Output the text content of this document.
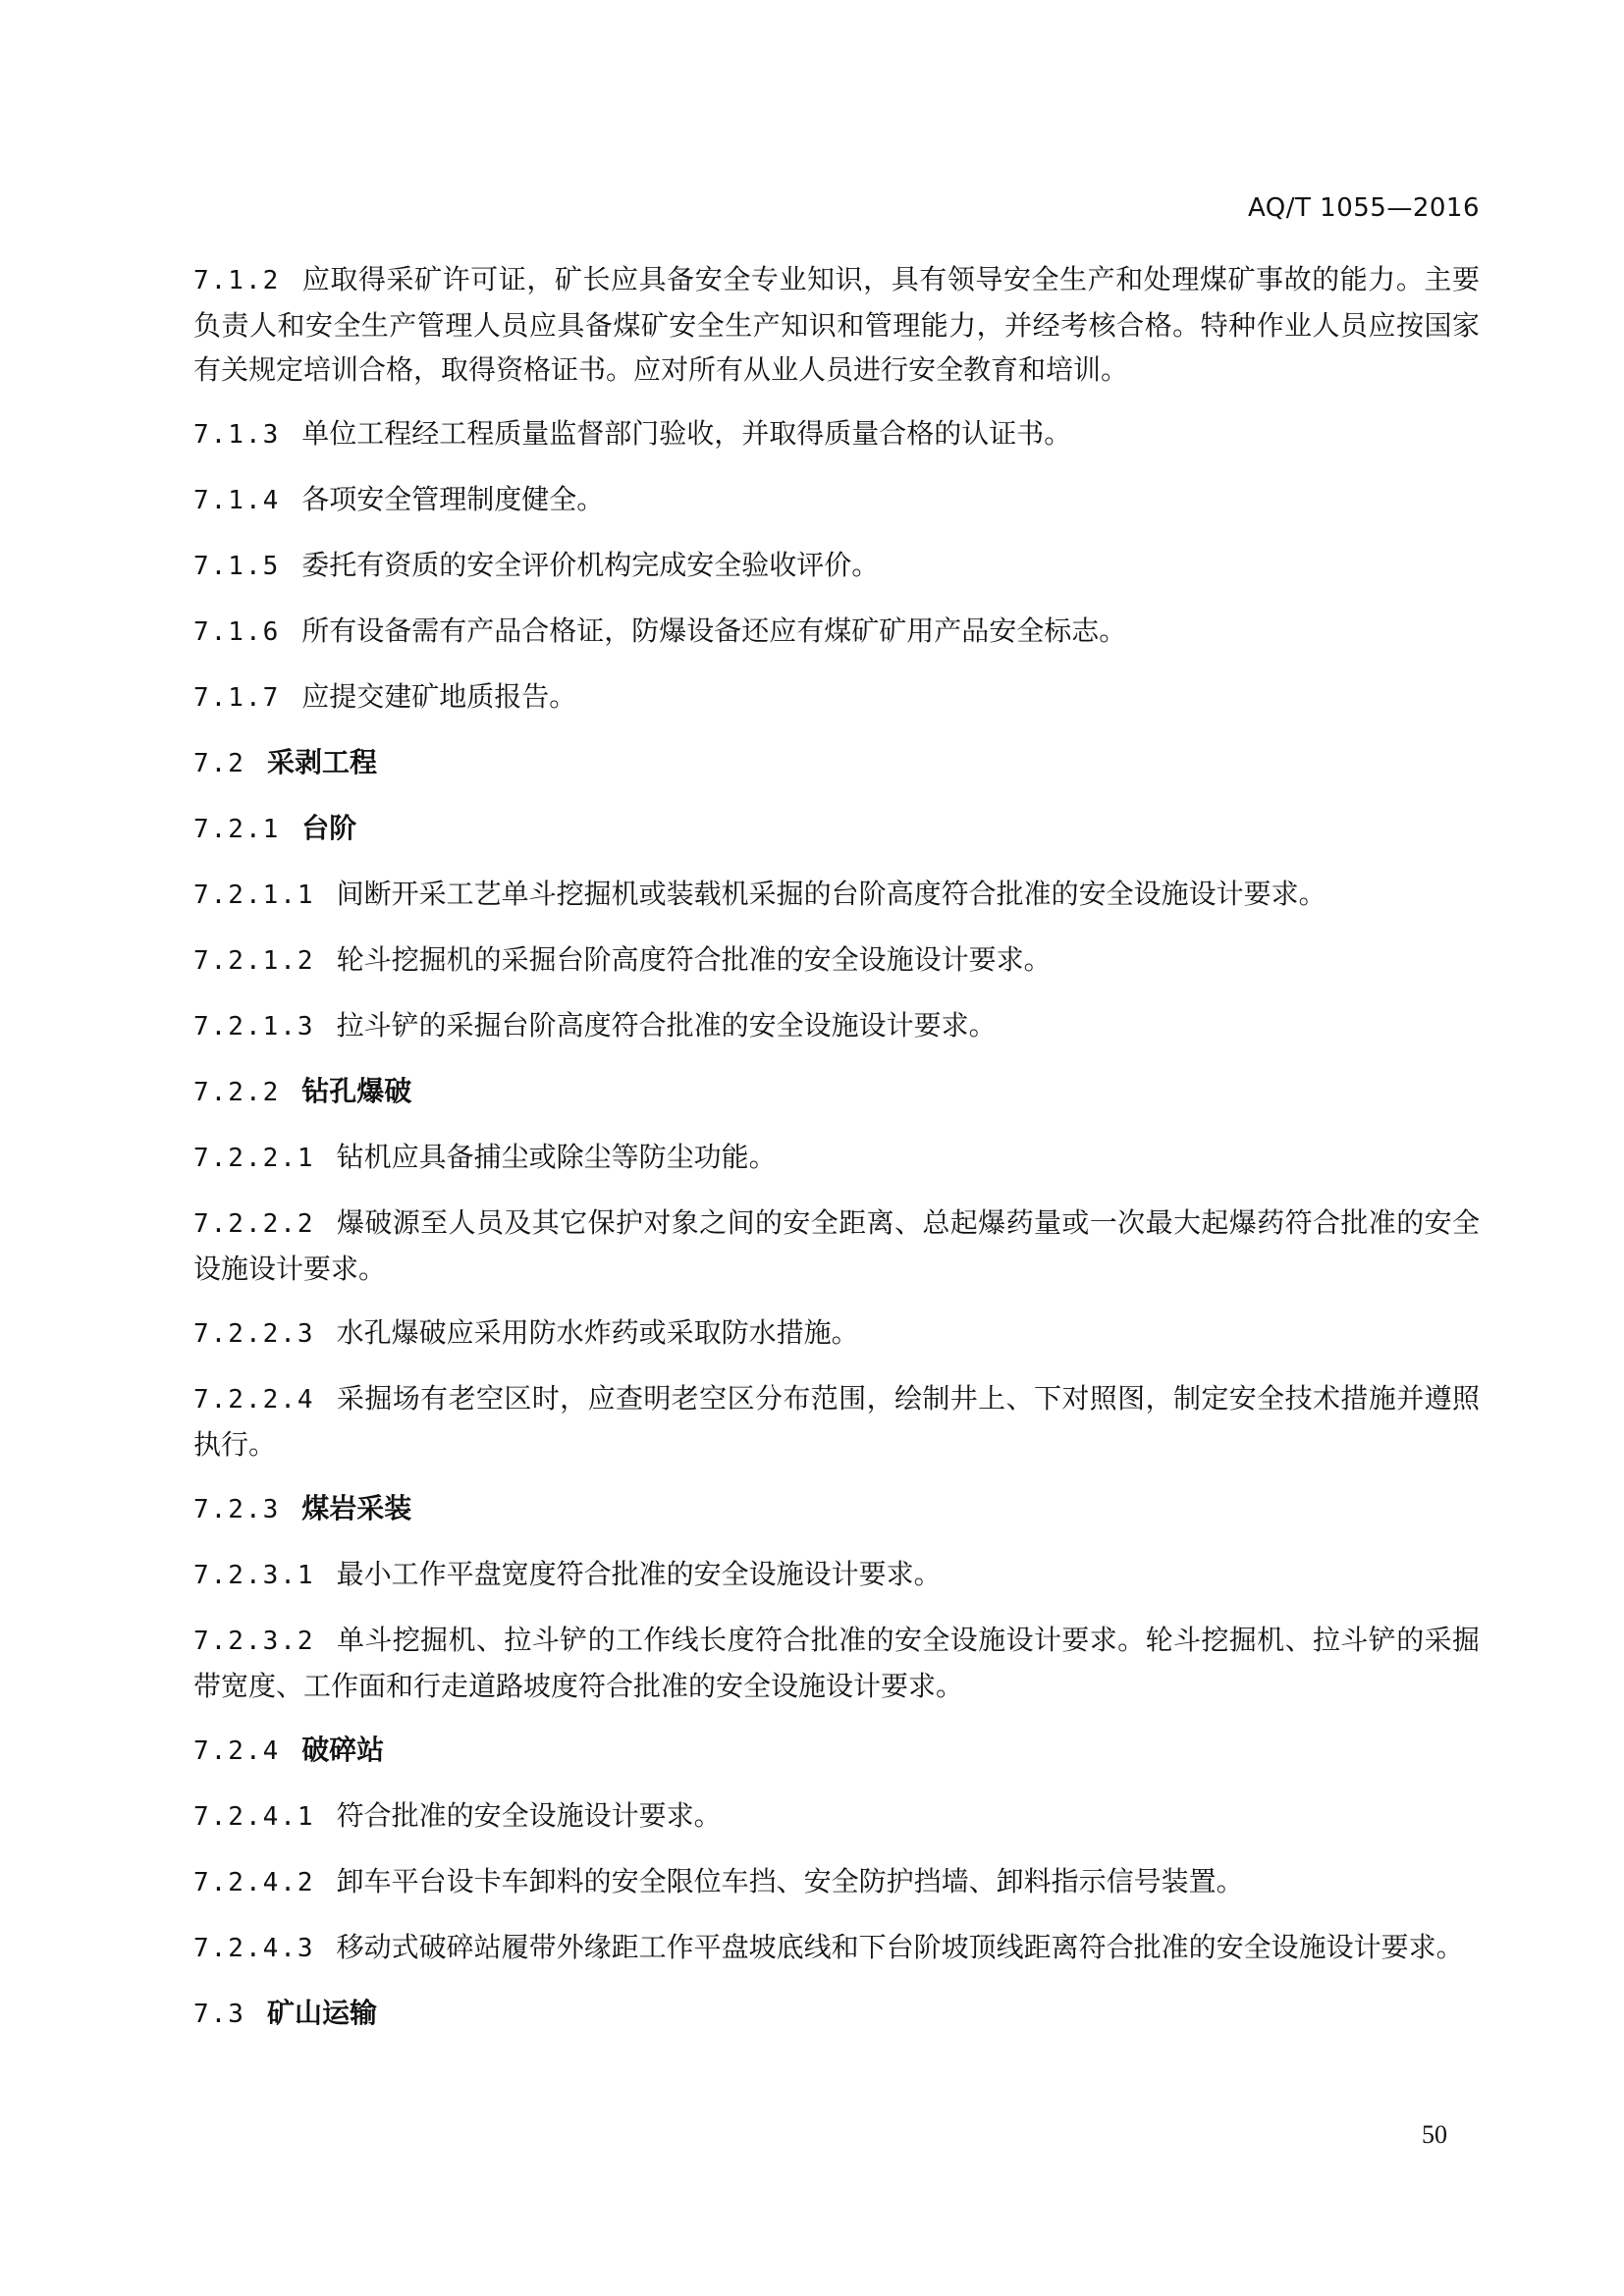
AQ/T 1055—2016
7.1.2 应取得采矿许可证，矿长应具备安全专业知识，具有领导安全生产和处理煤矿事故的能力。主要负责人和安全生产管理人员应具备煤矿安全生产知识和管理能力，并经考核合格。特种作业人员应按国家有关规定培训合格，取得资格证书。应对所有从业人员进行安全教育和培训。
7.1.3 单位工程经工程质量监督部门验收，并取得质量合格的认证书。
7.1.4 各项安全管理制度健全。
7.1.5 委托有资质的安全评价机构完成安全验收评价。
7.1.6 所有设备需有产品合格证，防爆设备还应有煤矿矿用产品安全标志。
7.1.7 应提交建矿地质报告。
7.2 采剥工程
7.2.1 台阶
7.2.1.1 间断开采工艺单斗挖掘机或装载机采掘的台阶高度符合批准的安全设施设计要求。
7.2.1.2 轮斗挖掘机的采掘台阶高度符合批准的安全设施设计要求。
7.2.1.3 拉斗铲的采掘台阶高度符合批准的安全设施设计要求。
7.2.2 钻孔爆破
7.2.2.1 钻机应具备捕尘或除尘等防尘功能。
7.2.2.2 爆破源至人员及其它保护对象之间的安全距离、总起爆药量或一次最大起爆药符合批准的安全设施设计要求。
7.2.2.3 水孔爆破应采用防水炸药或采取防水措施。
7.2.2.4 采掘场有老空区时，应查明老空区分布范围，绘制井上、下对照图，制定安全技术措施并遵照执行。
7.2.3 煤岩采装
7.2.3.1 最小工作平盘宽度符合批准的安全设施设计要求。
7.2.3.2 单斗挖掘机、拉斗铲的工作线长度符合批准的安全设施设计要求。轮斗挖掘机、拉斗铲的采掘带宽度、工作面和行走道路坡度符合批准的安全设施设计要求。
7.2.4 破碎站
7.2.4.1 符合批准的安全设施设计要求。
7.2.4.2 卸车平台设卡车卸料的安全限位车挡、安全防护挡墙、卸料指示信号装置。
7.2.4.3 移动式破碎站履带外缘距工作平盘坡底线和下台阶坡顶线距离符合批准的安全设施设计要求。
7.3 矿山运输
50
